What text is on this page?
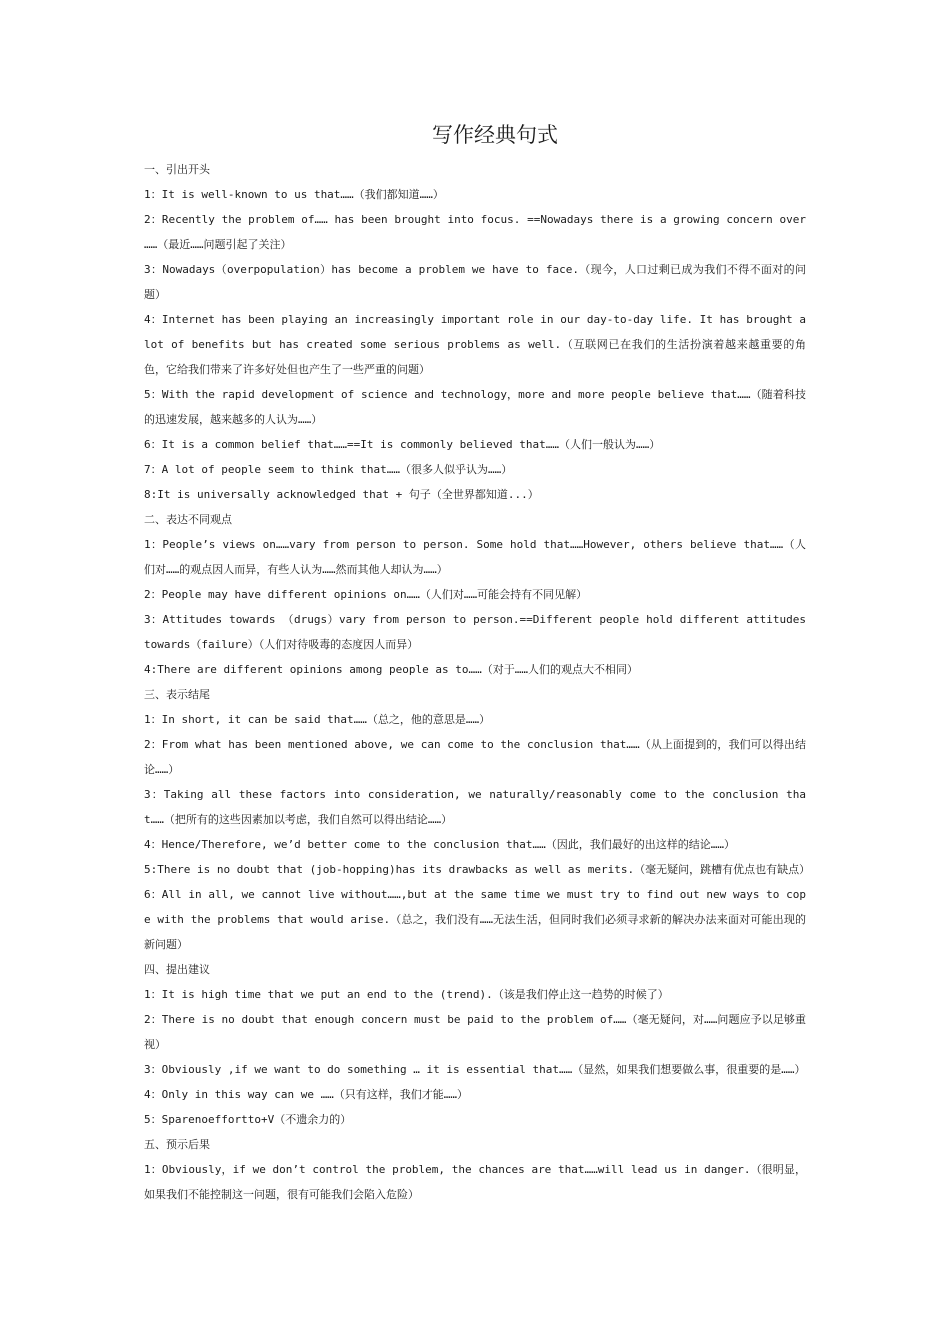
写作经典句式

一、引出开头

1：It is well-known to us that……（我们都知道……）

2：Recently the problem of…… has been brought into focus. ==Nowadays there is a growing concern over ……（最近……问题引起了关注）

3：Nowadays（overpopulation）has become a problem we have to face.（现今，人口过剩已成为我们不得不面对的问题）

4：Internet has been playing an increasingly important role in our day-to-day life. It has brought a lot of benefits but has created some serious problems as well.（互联网已在我们的生活扮演着越来越重要的角色，它给我们带来了许多好处但也产生了一些严重的问题）

5：With the rapid development of science and technology，more and more people believe that……（随着科技的迅速发展，越来越多的人认为……）

6：It is a common belief that……==It is commonly believed that……（人们一般认为……）

7：A lot of people seem to think that……（很多人似乎认为……）

8:It is universally acknowledged that + 句子（全世界都知道...）

二、表达不同观点

1：People’s views on……vary from person to person. Some hold that……However, others believe that……（人们对……的观点因人而异，有些人认为……然而其他人却认为……）

2：People may have different opinions on……（人们对……可能会持有不同见解）

3：Attitudes towards （drugs）vary from person to person.==Different people hold different attitudes towards（failure）（人们对待吸毒的态度因人而异）

4:There are different opinions among people as to……（对于……人们的观点大不相同）

三、表示结尾

1：In short, it can be said that……（总之，他的意思是……）

2：From what has been mentioned above, we can come to the conclusion that……（从上面提到的，我们可以得出结论……）

3：Taking all these factors into consideration, we naturally/reasonably come to the conclusion that……（把所有的这些因素加以考虑，我们自然可以得出结论……）

4：Hence/Therefore, we’d better come to the conclusion that……（因此，我们最好的出这样的结论……）

5:There is no doubt that (job-hopping)has its drawbacks as well as merits.（毫无疑问，跳槽有优点也有缺点）

6：All in all, we cannot live without……,but at the same time we must try to find out new ways to cope with the problems that would arise.（总之，我们没有……无法生活，但同时我们必须寻求新的解决办法来面对可能出现的新问题）

四、提出建议

1：It is high time that we put an end to the (trend).（该是我们停止这一趋势的时候了）

2：There is no doubt that enough concern must be paid to the problem of……（毫无疑问，对……问题应予以足够重视）

3：Obviously ,if we want to do something … it is essential that……（显然，如果我们想要做么事，很重要的是……）

4：Only in this way can we ……（只有这样，我们才能……）

5：Sparenoeffortto+V（不遗余力的）

五、预示后果

1：Obviously，if we don’t control the problem, the chances are that……will lead us in danger.（很明显，如果我们不能控制这一问题，很有可能我们会陷入危险）
